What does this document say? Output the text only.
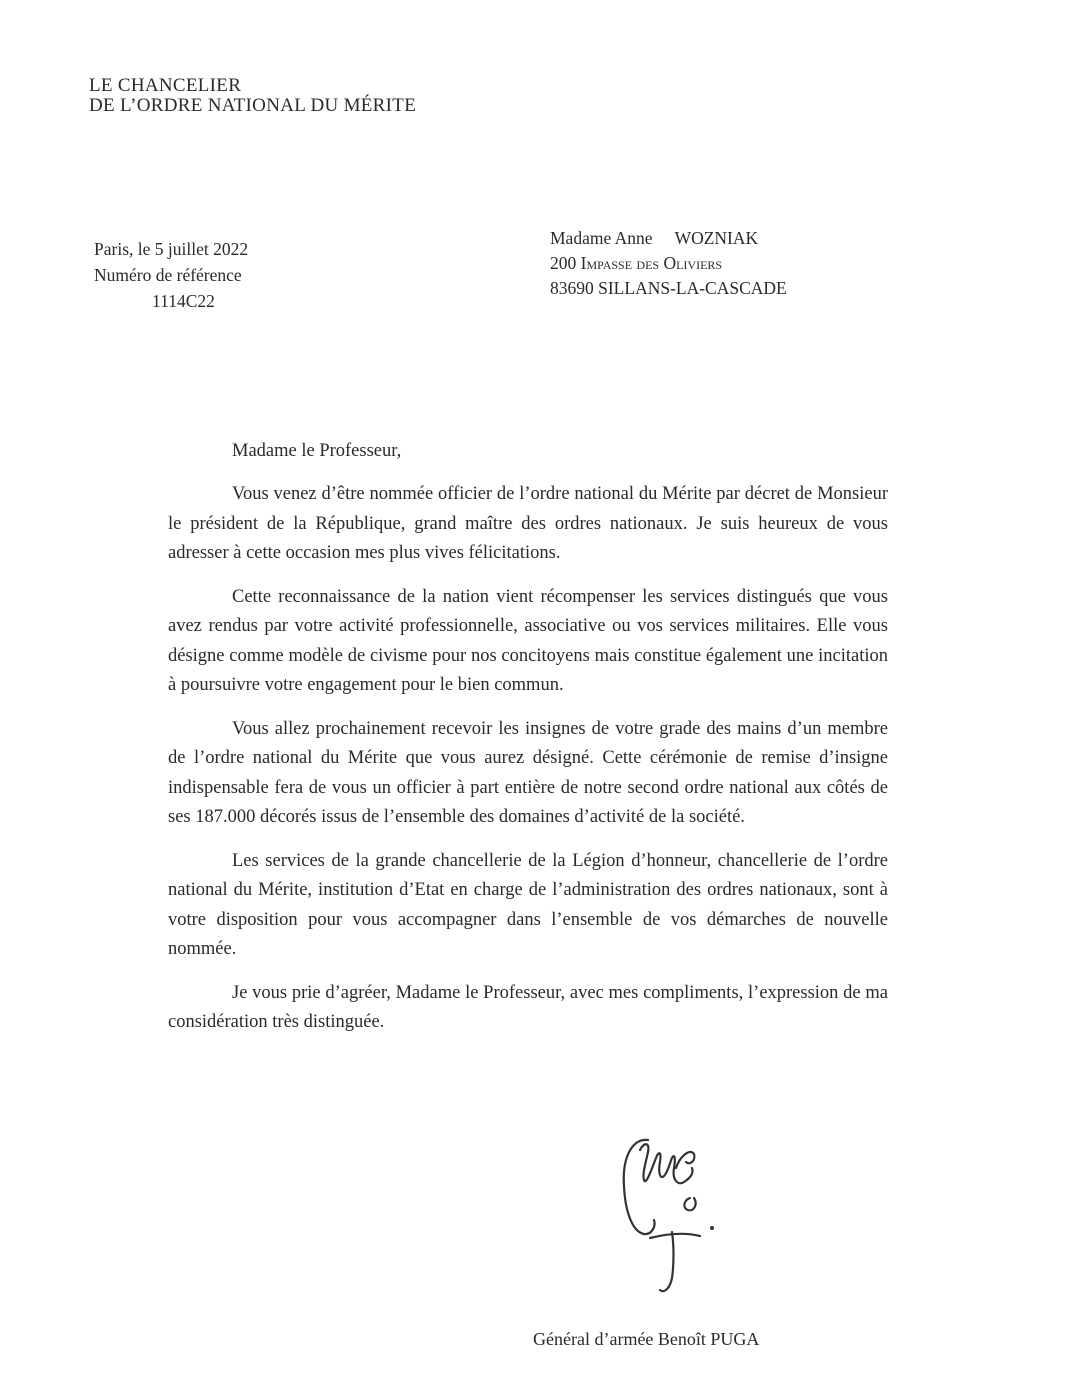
LE CHANCELIER
DE L’ORDRE NATIONAL DU MÉRITE
Paris, le 5 juillet 2022
Numéro de référence
1114C22
Madame Anne WOZNIAK
200 Impasse des Oliviers
83690 SILLANS-LA-CASCADE
Madame le Professeur,

Vous venez d’être nommée officier de l’ordre national du Mérite par décret de Monsieur le président de la République, grand maître des ordres nationaux. Je suis heureux de vous adresser à cette occasion mes plus vives félicitations.

Cette reconnaissance de la nation vient récompenser les services distingués que vous avez rendus par votre activité professionnelle, associative ou vos services militaires. Elle vous désigne comme modèle de civisme pour nos concitoyens mais constitue également une incitation à poursuivre votre engagement pour le bien commun.

Vous allez prochainement recevoir les insignes de votre grade des mains d’un membre de l’ordre national du Mérite que vous aurez désigné. Cette cérémonie de remise d’insigne indispensable fera de vous un officier à part entière de notre second ordre national aux côtés de ses 187.000 décorés issus de l’ensemble des domaines d’activité de la société.

Les services de la grande chancellerie de la Légion d’honneur, chancellerie de l’ordre national du Mérite, institution d’Etat en charge de l’administration des ordres nationaux, sont à votre disposition pour vous accompagner dans l’ensemble de vos démarches de nouvelle nommée.

Je vous prie d’agréer, Madame le Professeur, avec mes compliments, l’expression de ma considération très distinguée.

Général d’armée Benoît PUGA
